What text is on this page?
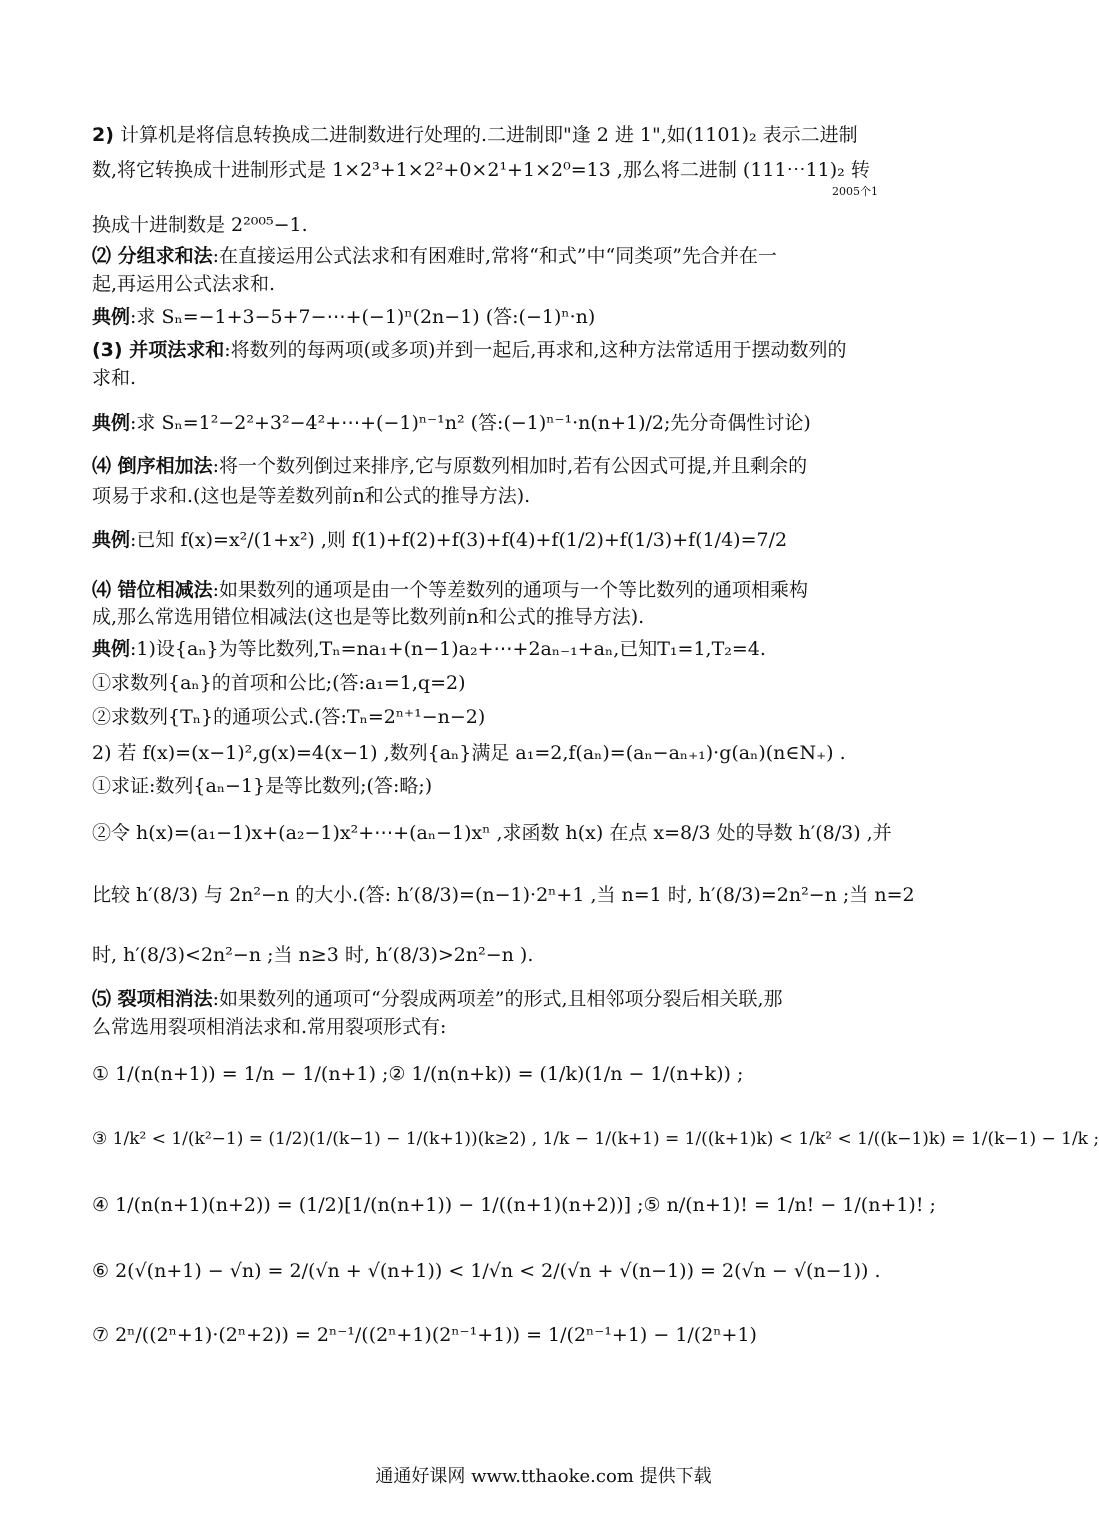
2) 计算机是将信息转换成二进制数进行处理的.二进制即"逢 2 进 1",如(1101)₂ 表示二进制
数,将它转换成十进制形式是 1×2³+1×2²+0×2¹+1×2⁰=13 ,那么将二进制 (111⋯11)₂ 转
2005个1
换成十进制数是 2²⁰⁰⁵−1.
⑵ 分组求和法:在直接运用公式法求和有困难时,常将“和式”中“同类项”先合并在一
起,再运用公式法求和.
典例:求 Sₙ=−1+3−5+7−⋯+(−1)ⁿ(2n−1) (答:(−1)ⁿ·n)
(3) 并项法求和:将数列的每两项(或多项)并到一起后,再求和,这种方法常适用于摆动数列的
求和.
典例:求 Sₙ=1²−2²+3²−4²+⋯+(−1)ⁿ⁻¹n² (答:(−1)ⁿ⁻¹·n(n+1)/2;先分奇偶性讨论)
⑷ 倒序相加法:将一个数列倒过来排序,它与原数列相加时,若有公因式可提,并且剩余的
项易于求和.(这也是等差数列前n和公式的推导方法).
典例:已知 f(x)=x²/(1+x²) ,则 f(1)+f(2)+f(3)+f(4)+f(1/2)+f(1/3)+f(1/4)=7/2
⑷ 错位相减法:如果数列的通项是由一个等差数列的通项与一个等比数列的通项相乘构
成,那么常选用错位相减法(这也是等比数列前n和公式的推导方法).
典例:1)设{aₙ}为等比数列,Tₙ=na₁+(n−1)a₂+⋯+2aₙ₋₁+aₙ,已知T₁=1,T₂=4.
①求数列{aₙ}的首项和公比;(答:a₁=1,q=2)
②求数列{Tₙ}的通项公式.(答:Tₙ=2ⁿ⁺¹−n−2)
2) 若 f(x)=(x−1)²,g(x)=4(x−1) ,数列{aₙ}满足 a₁=2,f(aₙ)=(aₙ−aₙ₊₁)·g(aₙ)(n∈N₊) .
①求证:数列{aₙ−1}是等比数列;(答:略;)
②令 h(x)=(a₁−1)x+(a₂−1)x²+⋯+(aₙ−1)xⁿ ,求函数 h(x) 在点 x=8/3 处的导数 h′(8/3) ,并
比较 h′(8/3) 与 2n²−n 的大小.(答: h′(8/3)=(n−1)·2ⁿ+1 ,当 n=1 时, h′(8/3)=2n²−n ;当 n=2
时, h′(8/3)<2n²−n ;当 n≥3 时, h′(8/3)>2n²−n ).
⑸ 裂项相消法:如果数列的通项可“分裂成两项差”的形式,且相邻项分裂后相关联,那
么常选用裂项相消法求和.常用裂项形式有:
① 1/(n(n+1)) = 1/n − 1/(n+1) ;② 1/(n(n+k)) = (1/k)(1/n − 1/(n+k)) ;
③ 1/k² < 1/(k²−1) = (1/2)(1/(k−1) − 1/(k+1))(k≥2) , 1/k − 1/(k+1) = 1/((k+1)k) < 1/k² < 1/((k−1)k) = 1/(k−1) − 1/k ;
④ 1/(n(n+1)(n+2)) = (1/2)[1/(n(n+1)) − 1/((n+1)(n+2))] ;⑤ n/(n+1)! = 1/n! − 1/(n+1)! ;
⑥ 2(√(n+1) − √n) = 2/(√n + √(n+1)) < 1/√n < 2/(√n + √(n−1)) = 2(√n − √(n−1)) .
⑦ 2ⁿ/((2ⁿ+1)·(2ⁿ+2)) = 2ⁿ⁻¹/((2ⁿ+1)(2ⁿ⁻¹+1)) = 1/(2ⁿ⁻¹+1) − 1/(2ⁿ+1)
通通好课网 www.tthaoke.com 提供下载
